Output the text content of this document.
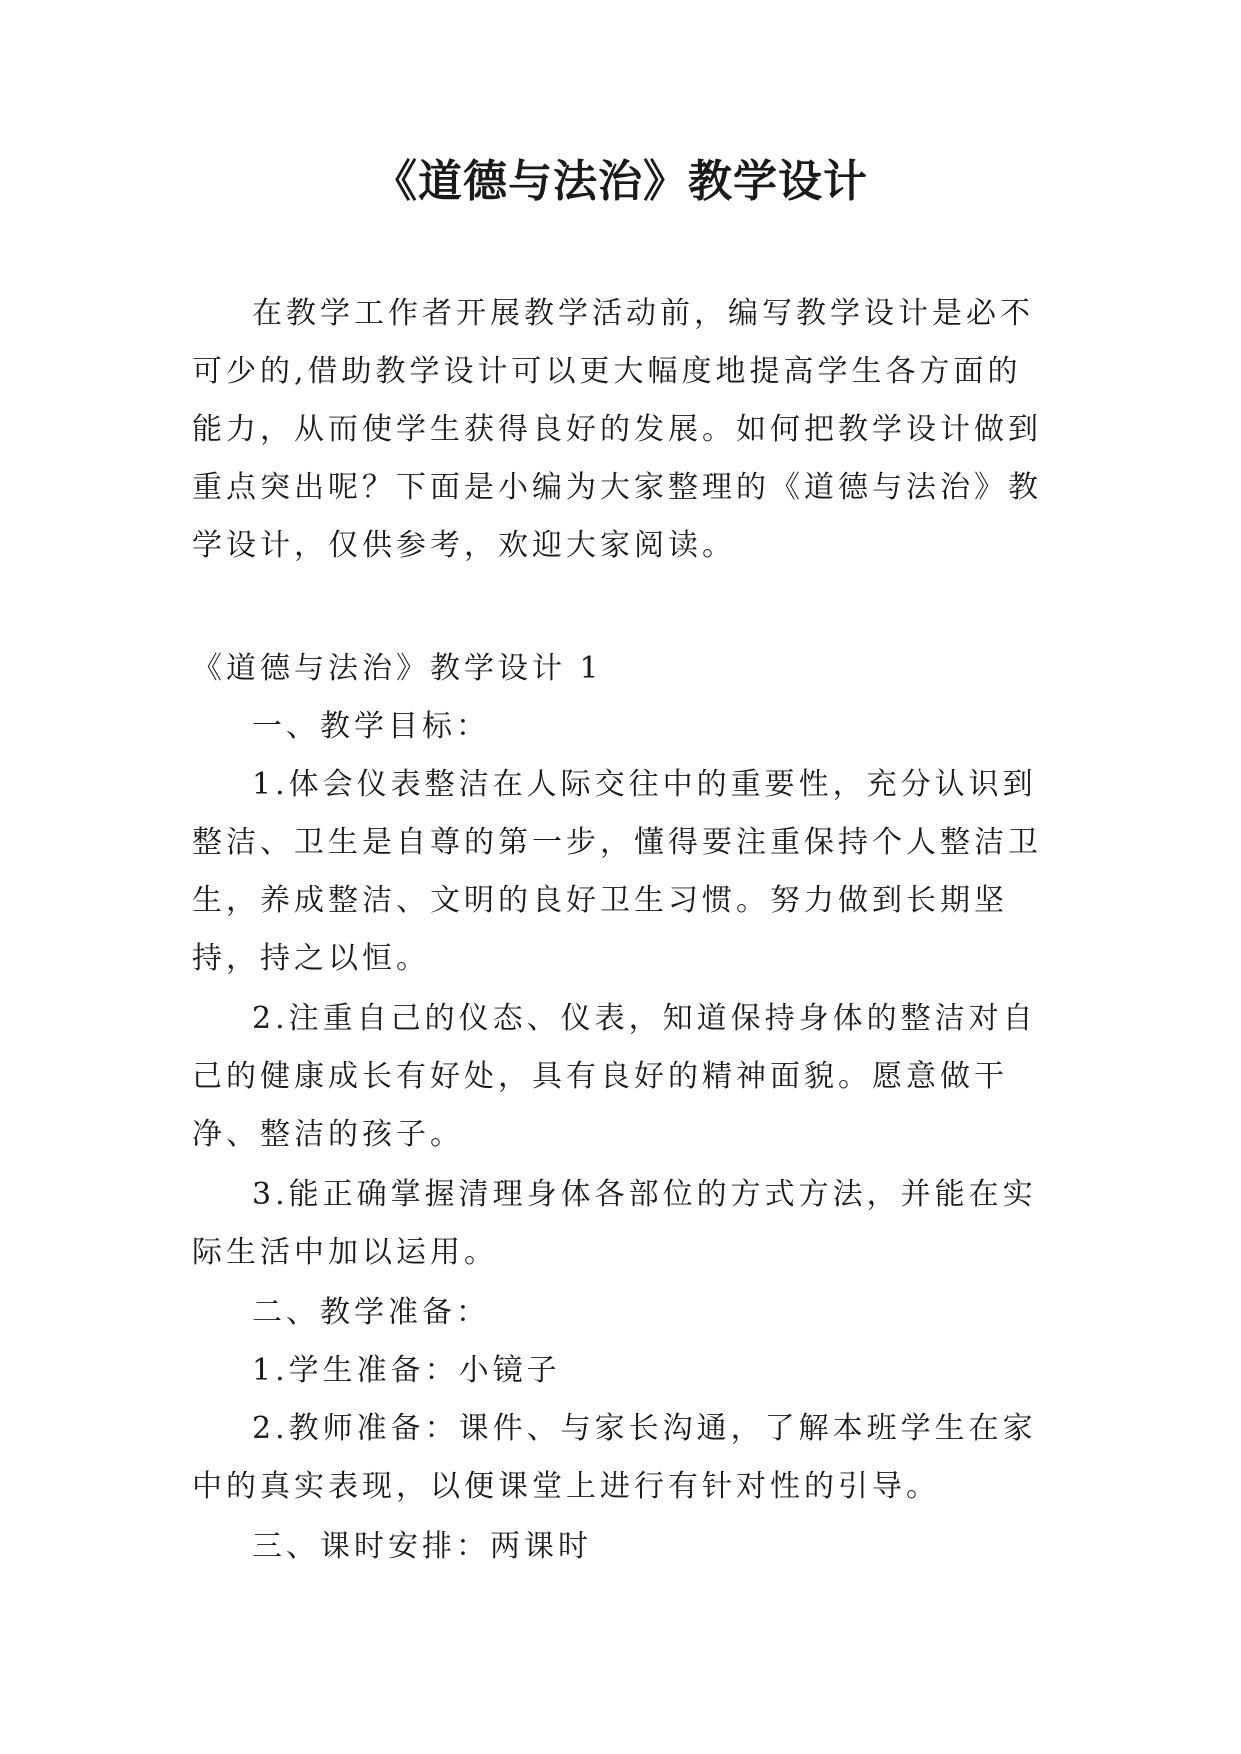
《道德与法治》教学设计

在教学工作者开展教学活动前，编写教学设计是必不可少的,借助教学设计可以更大幅度地提高学生各方面的能力，从而使学生获得良好的发展。如何把教学设计做到重点突出呢？下面是小编为大家整理的《道德与法治》教学设计，仅供参考，欢迎大家阅读。

《道德与法治》教学设计 1

一、教学目标：

1.体会仪表整洁在人际交往中的重要性，充分认识到整洁、卫生是自尊的第一步，懂得要注重保持个人整洁卫生，养成整洁、文明的良好卫生习惯。努力做到长期坚持，持之以恒。

2.注重自己的仪态、仪表，知道保持身体的整洁对自己的健康成长有好处，具有良好的精神面貌。愿意做干净、整洁的孩子。

3.能正确掌握清理身体各部位的方式方法，并能在实际生活中加以运用。

二、教学准备：

1.学生准备：小镜子

2.教师准备：课件、与家长沟通，了解本班学生在家中的真实表现，以便课堂上进行有针对性的引导。

三、课时安排：两课时
